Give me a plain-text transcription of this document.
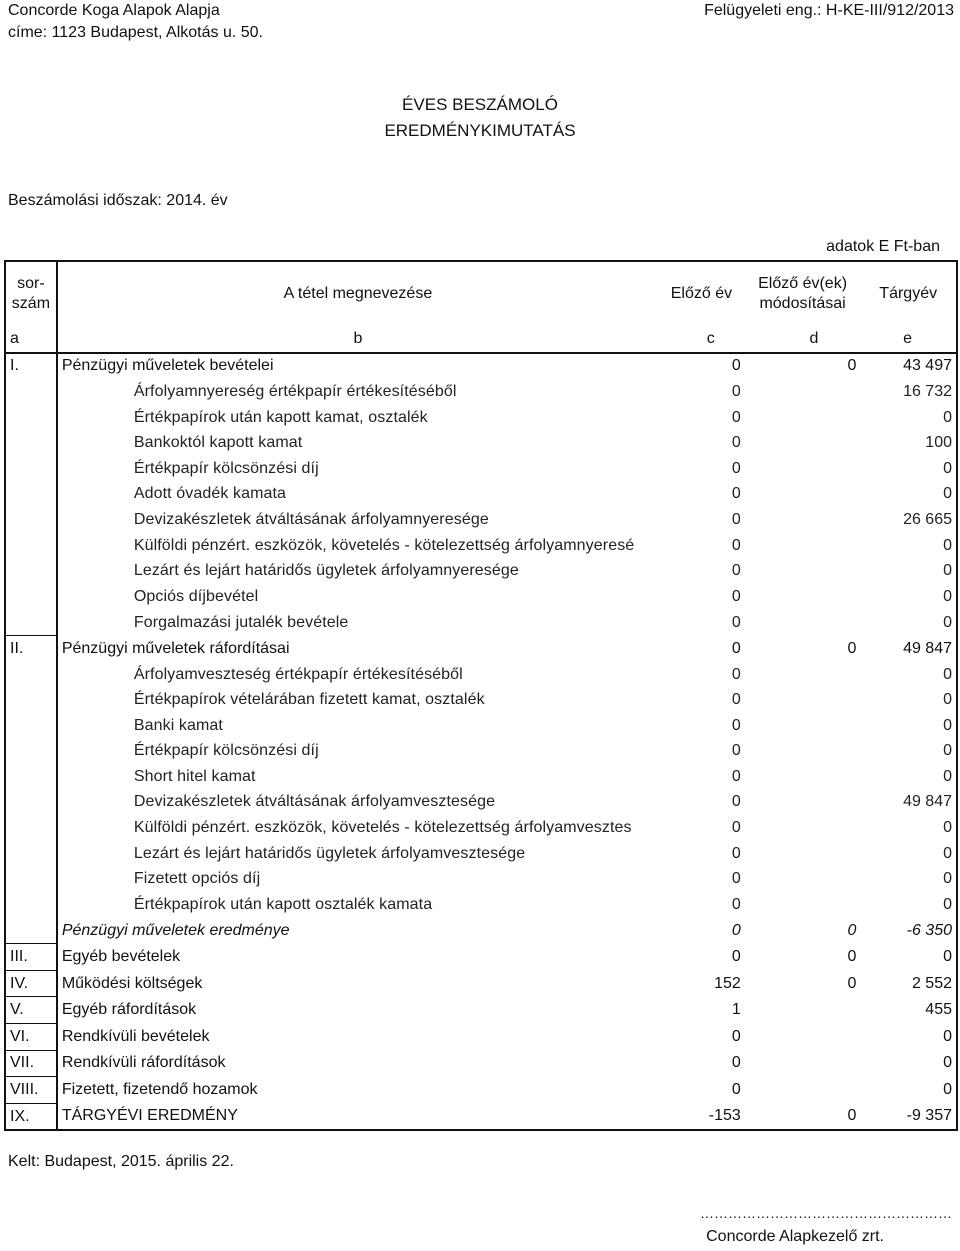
Concorde Koga Alapok Alapja
címe: 1123 Budapest, Alkotás u. 50.
Felügyeleti eng.: H-KE-III/912/2013
ÉVES BESZÁMOLÓ
EREDMÉNYKIMUTATÁS
Beszámolási időszak: 2014. év
adatok E Ft-ban
sor-
szám	A tétel megnevezése	Előző év	Előző év(ek)
módosításai	Tárgyév
a	b	c	d	e
I.	Pénzügyi műveletek bevételei	0	0	43 497
	Árfolyamnyereség értékpapír értékesítéséből	0		16 732
	Értékpapírok után kapott kamat, osztalék	0		0
	Bankoktól kapott kamat	0		100
	Értékpapír kölcsönzési díj	0		0
	Adott óvadék kamata	0		0
	Devizakészletek átváltásának árfolyamnyeresége	0		26 665
	Külföldi pénzért. eszközök, követelés - kötelezettség árfolyamnyeresé	0		0
	Lezárt és lejárt határidős ügyletek árfolyamnyeresége	0		0
	Opciós díjbevétel	0		0
	Forgalmazási jutalék bevétele	0		0
II.	Pénzügyi műveletek ráfordításai	0	0	49 847
	Árfolyamveszteség értékpapír értékesítéséből	0		0
	Értékpapírok vételárában fizetett kamat, osztalék	0		0
	Banki kamat	0		0
	Értékpapír kölcsönzési díj	0		0
	Short hitel kamat	0		0
	Devizakészletek átváltásának árfolyamvesztesége	0		49 847
	Külföldi pénzért. eszközök, követelés - kötelezettség árfolyamvesztes	0		0
	Lezárt és lejárt határidős ügyletek árfolyamvesztesége	0		0
	Fizetett opciós díj	0		0
	Értékpapírok után kapott osztalék kamata	0		0
	Pénzügyi műveletek eredménye	0	0	-6 350
III.	Egyéb bevételek	0	0	0
IV.	Működési költségek	152	0	2 552
V.	Egyéb ráfordítások	1		455
VI.	Rendkívüli bevételek	0		0
VII.	Rendkívüli ráfordítások	0		0
VIII.	Fizetett, fizetendő hozamok	0		0
IX.	TÁRGYÉVI EREDMÉNY	-153	0	-9 357
Kelt: Budapest, 2015. április 22.
………………………………………………
Concorde Alapkezelő zrt.
